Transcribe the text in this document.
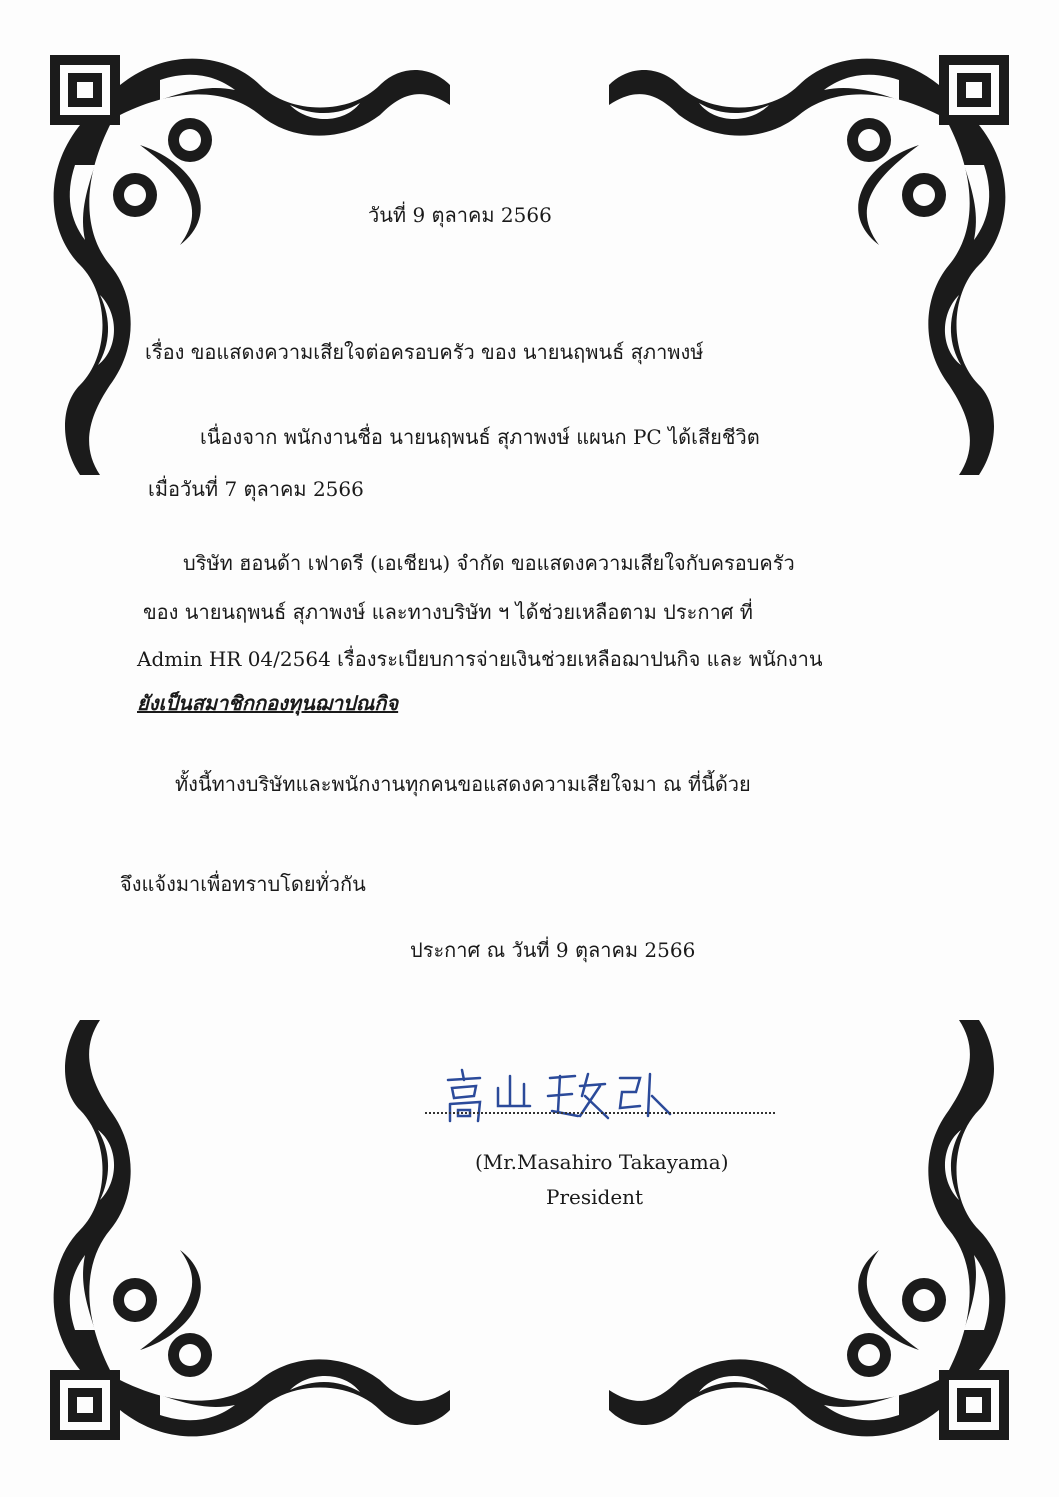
วันที่ 9 ตุลาคม 2566
เรื่อง ขอแสดงความเสียใจต่อครอบครัว ของ นายนฤพนธ์ สุภาพงษ์
เนื่องจาก พนักงานชื่อ นายนฤพนธ์ สุภาพงษ์ แผนก PC ได้เสียชีวิต
เมื่อวันที่ 7 ตุลาคม 2566
บริษัท ฮอนด้า เฟาดรี (เอเชียน) จำกัด ขอแสดงความเสียใจกับครอบครัว
ของ นายนฤพนธ์ สุภาพงษ์ และทางบริษัท ฯ ได้ช่วยเหลือตาม ประกาศ ที่
Admin HR 04/2564 เรื่องระเบียบการจ่ายเงินช่วยเหลือฌาปนกิจ และ พนักงาน
ยังเป็นสมาชิกกองทุนฌาปณกิจ
ทั้งนี้ทางบริษัทและพนักงานทุกคนขอแสดงความเสียใจมา ณ ที่นี้ด้วย
จึงแจ้งมาเพื่อทราบโดยทั่วกัน
ประกาศ ณ วันที่ 9 ตุลาคม 2566
(Mr.Masahiro Takayama)
President
